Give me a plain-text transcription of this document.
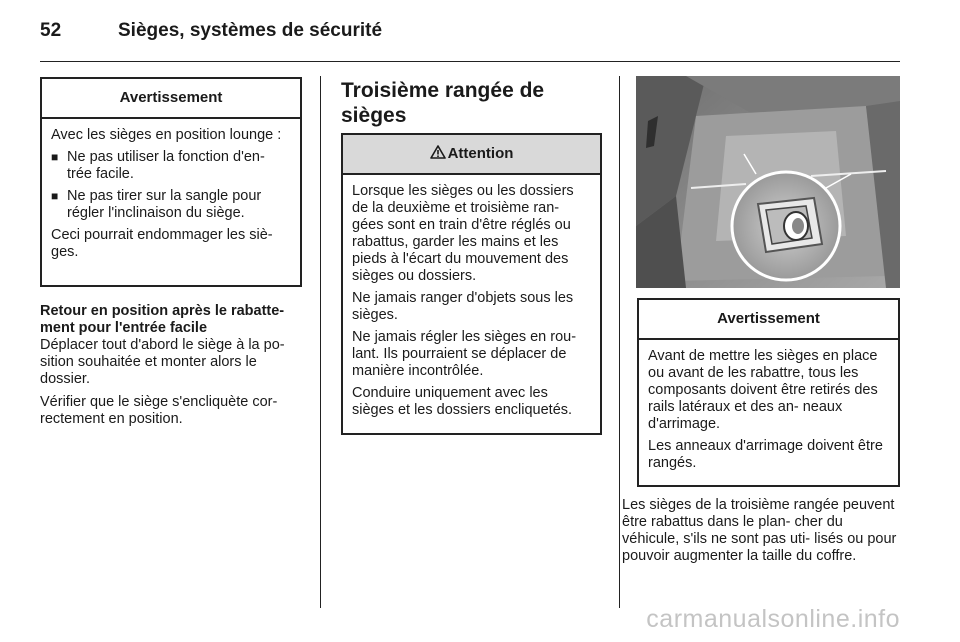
52	Sièges, systèmes de sécurité
Avertissement

Avec les sièges en position lounge :

■ Ne pas utiliser la fonction d'en- trée facile.
■ Ne pas tirer sur la sangle pour régler l'inclinaison du siège.

Ceci pourrait endommager les siè- ges.

Retour en position après le rabatte- ment pour l'entrée facile

Déplacer tout d'abord le siège à la po- sition souhaitée et monter alors le dossier.

Vérifier que le siège s'encliquète cor- rectement en position.

Troisième rangée de sièges
Attention

Lorsque les sièges ou les dossiers de la deuxième et troisième ran- gées sont en train d'être réglés ou rabattus, garder les mains et les pieds à l'écart du mouvement des sièges ou dossiers.

Ne jamais ranger d'objets sous les sièges.

Ne jamais régler les sièges en rou- lant. Ils pourraient se déplacer de manière incontrôlée.

Conduire uniquement avec les sièges et les dossiers encliquetés.

Avertissement

Avant de mettre les sièges en place ou avant de les rabattre, tous les composants doivent être retirés des rails latéraux et des an- neaux d'arrimage.

Les anneaux d'arrimage doivent être rangés.

Les sièges de la troisième rangée peuvent être rabattus dans le plan- cher du véhicule, s'ils ne sont pas uti- lisés ou pour pouvoir augmenter la taille du coffre.

carmanualsonline.info
